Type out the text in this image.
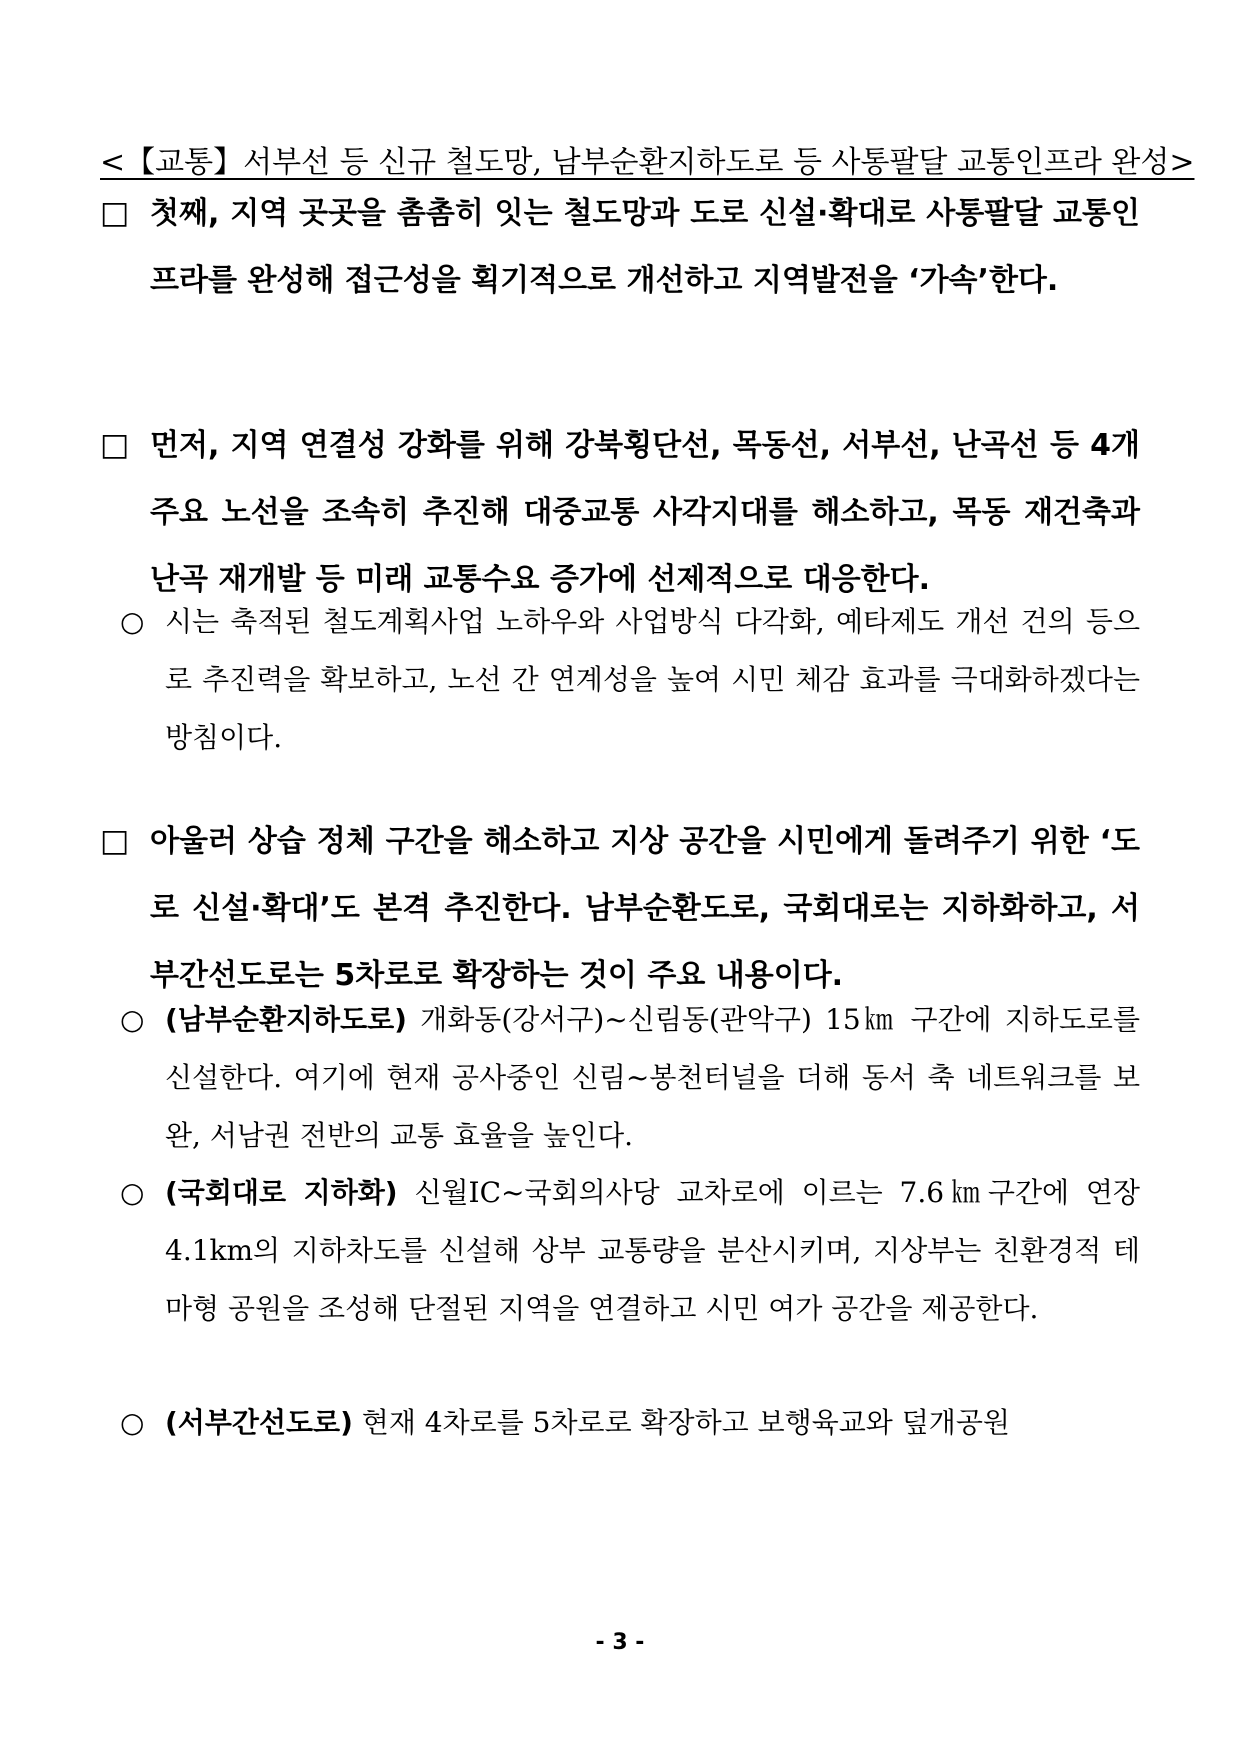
<【교통】서부선 등 신규 철도망, 남부순환지하도로 등 사통팔달 교통인프라 완성>
□ 첫째, 지역 곳곳을 촘촘히 잇는 철도망과 도로 신설·확대로 사통팔달 교통인프라를 완성해 접근성을 획기적으로 개선하고 지역발전을 ‘가속’한다.
□ 먼저, 지역 연결성 강화를 위해 강북횡단선, 목동선, 서부선, 난곡선 등 4개 주요 노선을 조속히 추진해 대중교통 사각지대를 해소하고, 목동 재건축과 난곡 재개발 등 미래 교통수요 증가에 선제적으로 대응한다.
○ 시는 축적된 철도계획사업 노하우와 사업방식 다각화, 예타제도 개선 건의 등으로 추진력을 확보하고, 노선 간 연계성을 높여 시민 체감 효과를 극대화하겠다는 방침이다.
□ 아울러 상습 정체 구간을 해소하고 지상 공간을 시민에게 돌려주기 위한 ‘도로 신설·확대’도 본격 추진한다. 남부순환도로, 국회대로는 지하화하고, 서부간선도로는 5차로로 확장하는 것이 주요 내용이다.
○ (남부순환지하도로) 개화동(강서구)~신림동(관악구) 15㎞ 구간에 지하도로를 신설한다. 여기에 현재 공사중인 신림~봉천터널을 더해 동서 축 네트워크를 보완, 서남권 전반의 교통 효율을 높인다.
○ (국회대로 지하화) 신월IC~국회의사당 교차로에 이르는 7.6㎞구간에 연장 4.1km의 지하차도를 신설해 상부 교통량을 분산시키며, 지상부는 친환경적 테마형 공원을 조성해 단절된 지역을 연결하고 시민 여가 공간을 제공한다.
○ (서부간선도로) 현재 4차로를 5차로로 확장하고 보행육교와 덮개공원
- 3 -
